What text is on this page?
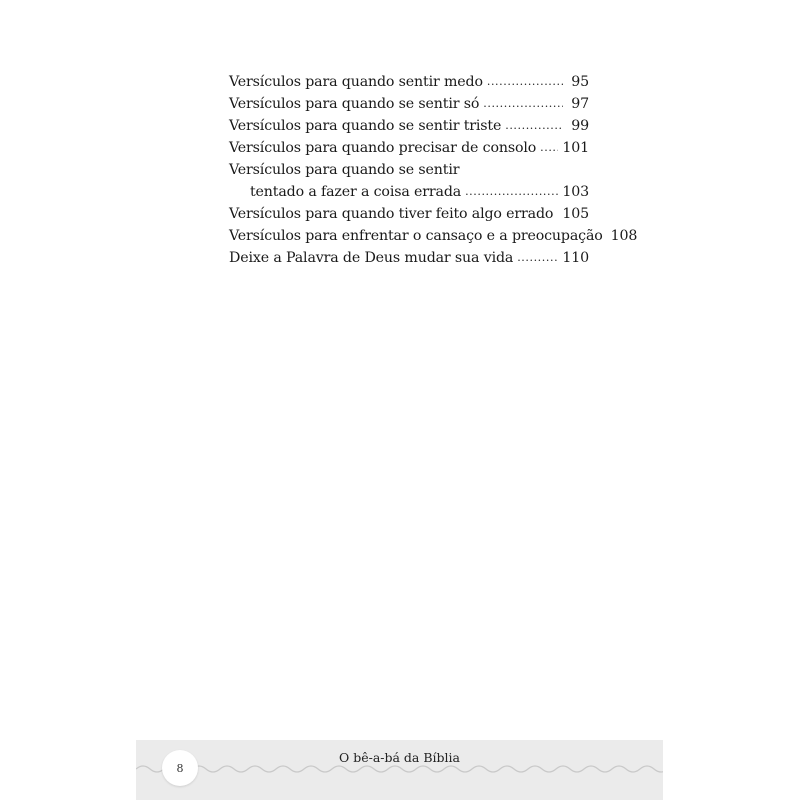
Versículos para quando sentir medo .....	95
Versículos para quando se sentir só .....	97
Versículos para quando se sentir triste .....	99
Versículos para quando precisar de consolo ..... 101
Versículos para quando se sentir
tentado a fazer a coisa errada .....	103
Versículos para quando tiver feito algo errado ..... 105
Versículos para enfrentar o cansaço e a preocupação 108
Deixe a Palavra de Deus mudar sua vida .....	110
O bê-a-bá da Bíblia
8
